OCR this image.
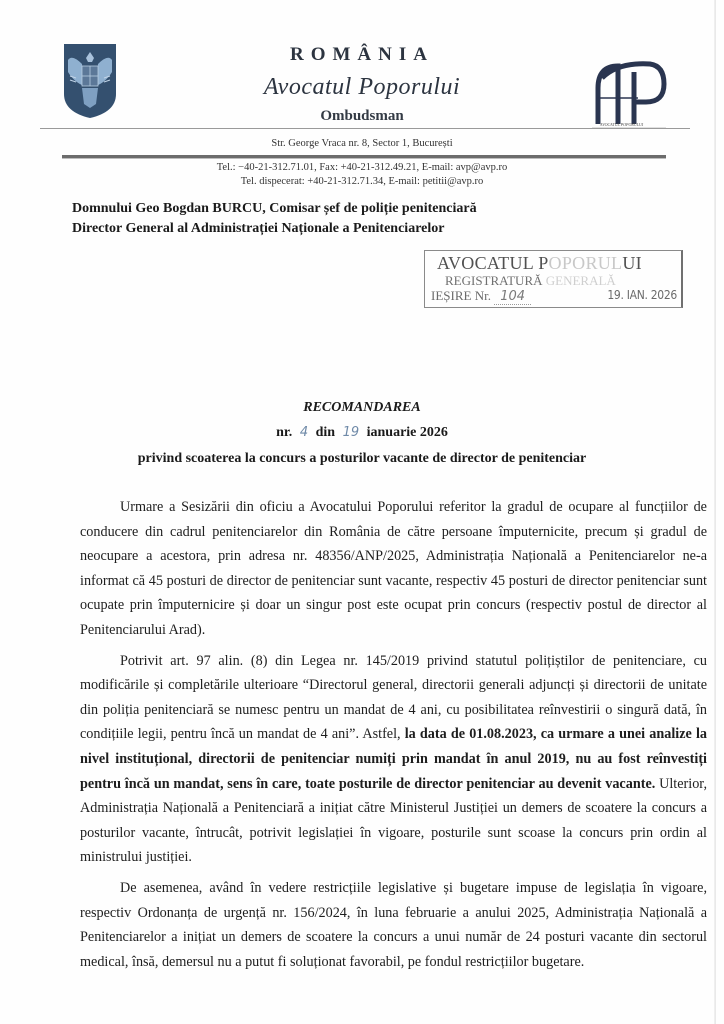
ROMÂNIA
Avocatul Poporului
Ombudsman
AVOCATUL POPORULUI
Str. George Vraca nr. 8, Sector 1, București
Tel.: −40-21-312.71.01, Fax: +40-21-312.49.21, E-mail: avp@avp.ro
Tel. dispecerat: +40-21-312.71.34, E-mail: petitii@avp.ro
Domnului Geo Bogdan BURCU, Comisar șef de poliție penitenciară
Director General al Administrației Naționale a Penitenciarelor
AVOCATUL POPORULUI
REGISTRATURĂ GENERALĂ
IEȘIRE Nr. 104	19. IAN. 2026
RECOMANDAREA
nr. 4 din 19 ianuarie 2026
privind scoaterea la concurs a posturilor vacante de director de penitenciar

Urmare a Sesizării din oficiu a Avocatului Poporului referitor la gradul de ocupare al funcțiilor de conducere din cadrul penitenciarelor din România de către persoane împuternicite, precum și gradul de neocupare a acestora, prin adresa nr. 48356/ANP/2025, Administrația Națională a Penitenciarelor ne-a informat că 45 posturi de director de penitenciar sunt vacante, respectiv 45 posturi de director penitenciar sunt ocupate prin împuternicire și doar un singur post este ocupat prin concurs (respectiv postul de director al Penitenciarului Arad).

Potrivit art. 97 alin. (8) din Legea nr. 145/2019 privind statutul polițiștilor de penitenciare, cu modificările și completările ulterioare “Directorul general, directorii generali adjuncți și directorii de unitate din poliția penitenciară se numesc pentru un mandat de 4 ani, cu posibilitatea reînvestirii o singură dată, în condițiile legii, pentru încă un mandat de 4 ani”. Astfel, la data de 01.08.2023, ca urmare a unei analize la nivel instituțional, directorii de penitenciar numiți prin mandat în anul 2019, nu au fost reînvestiți pentru încă un mandat, sens în care, toate posturile de director penitenciar au devenit vacante. Ulterior, Administrația Națională a Penitenciară a inițiat către Ministerul Justiției un demers de scoatere la concurs a posturilor vacante, întrucât, potrivit legislației în vigoare, posturile sunt scoase la concurs prin ordin al ministrului justiției.

De asemenea, având în vedere restricțiile legislative și bugetare impuse de legislația în vigoare, respectiv Ordonanța de urgență nr. 156/2024, în luna februarie a anului 2025, Administrația Națională a Penitenciarelor a inițiat un demers de scoatere la concurs a unui număr de 24 posturi vacante din sectorul medical, însă, demersul nu a putut fi soluționat favorabil, pe fondul restricțiilor bugetare.
